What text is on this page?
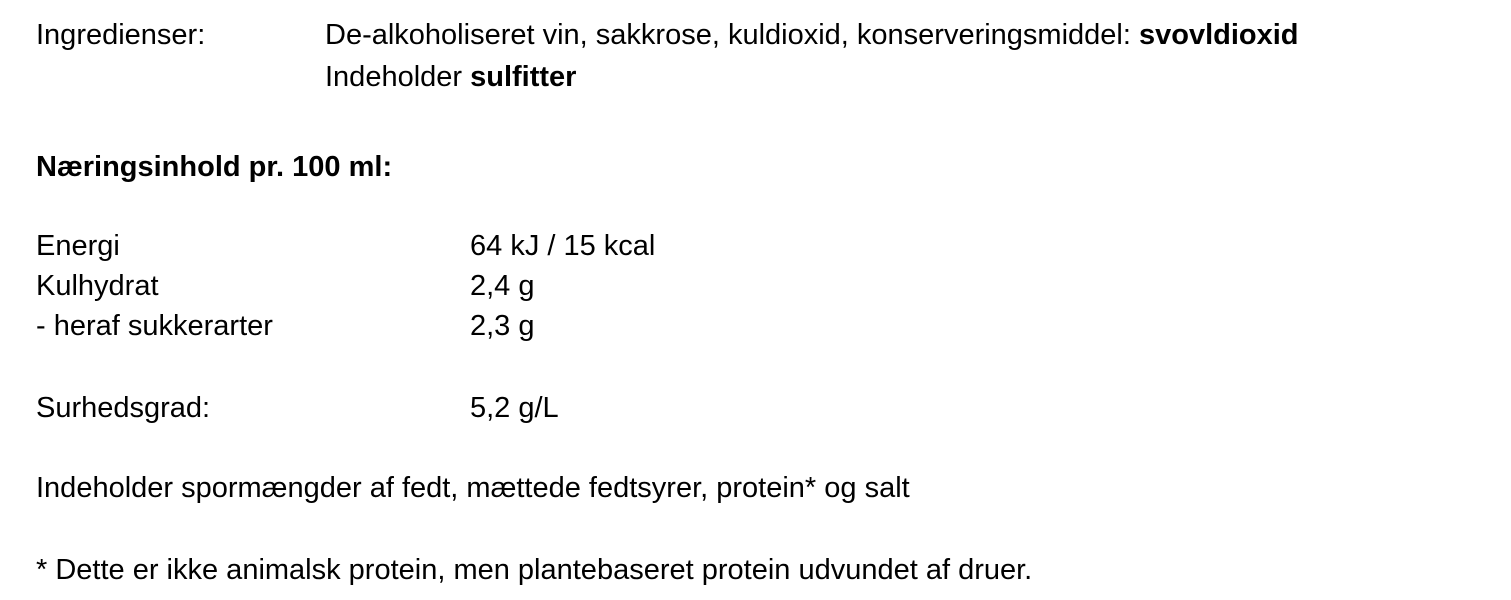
Ingredienser:	De-alkoholiseret vin, sakkrose, kuldioxid, konserveringsmiddel: svovldioxid
Indeholder sulfitter
Næringsinhold pr. 100 ml:
Energi	64 kJ / 15 kcal
Kulhydrat	2,4 g
- heraf sukkerarter	2,3 g
Surhedsgrad:	5,2 g/L
Indeholder spormængder af fedt, mættede fedtsyrer, protein* og salt
* Dette er ikke animalsk protein, men plantebaseret protein udvundet af druer.
